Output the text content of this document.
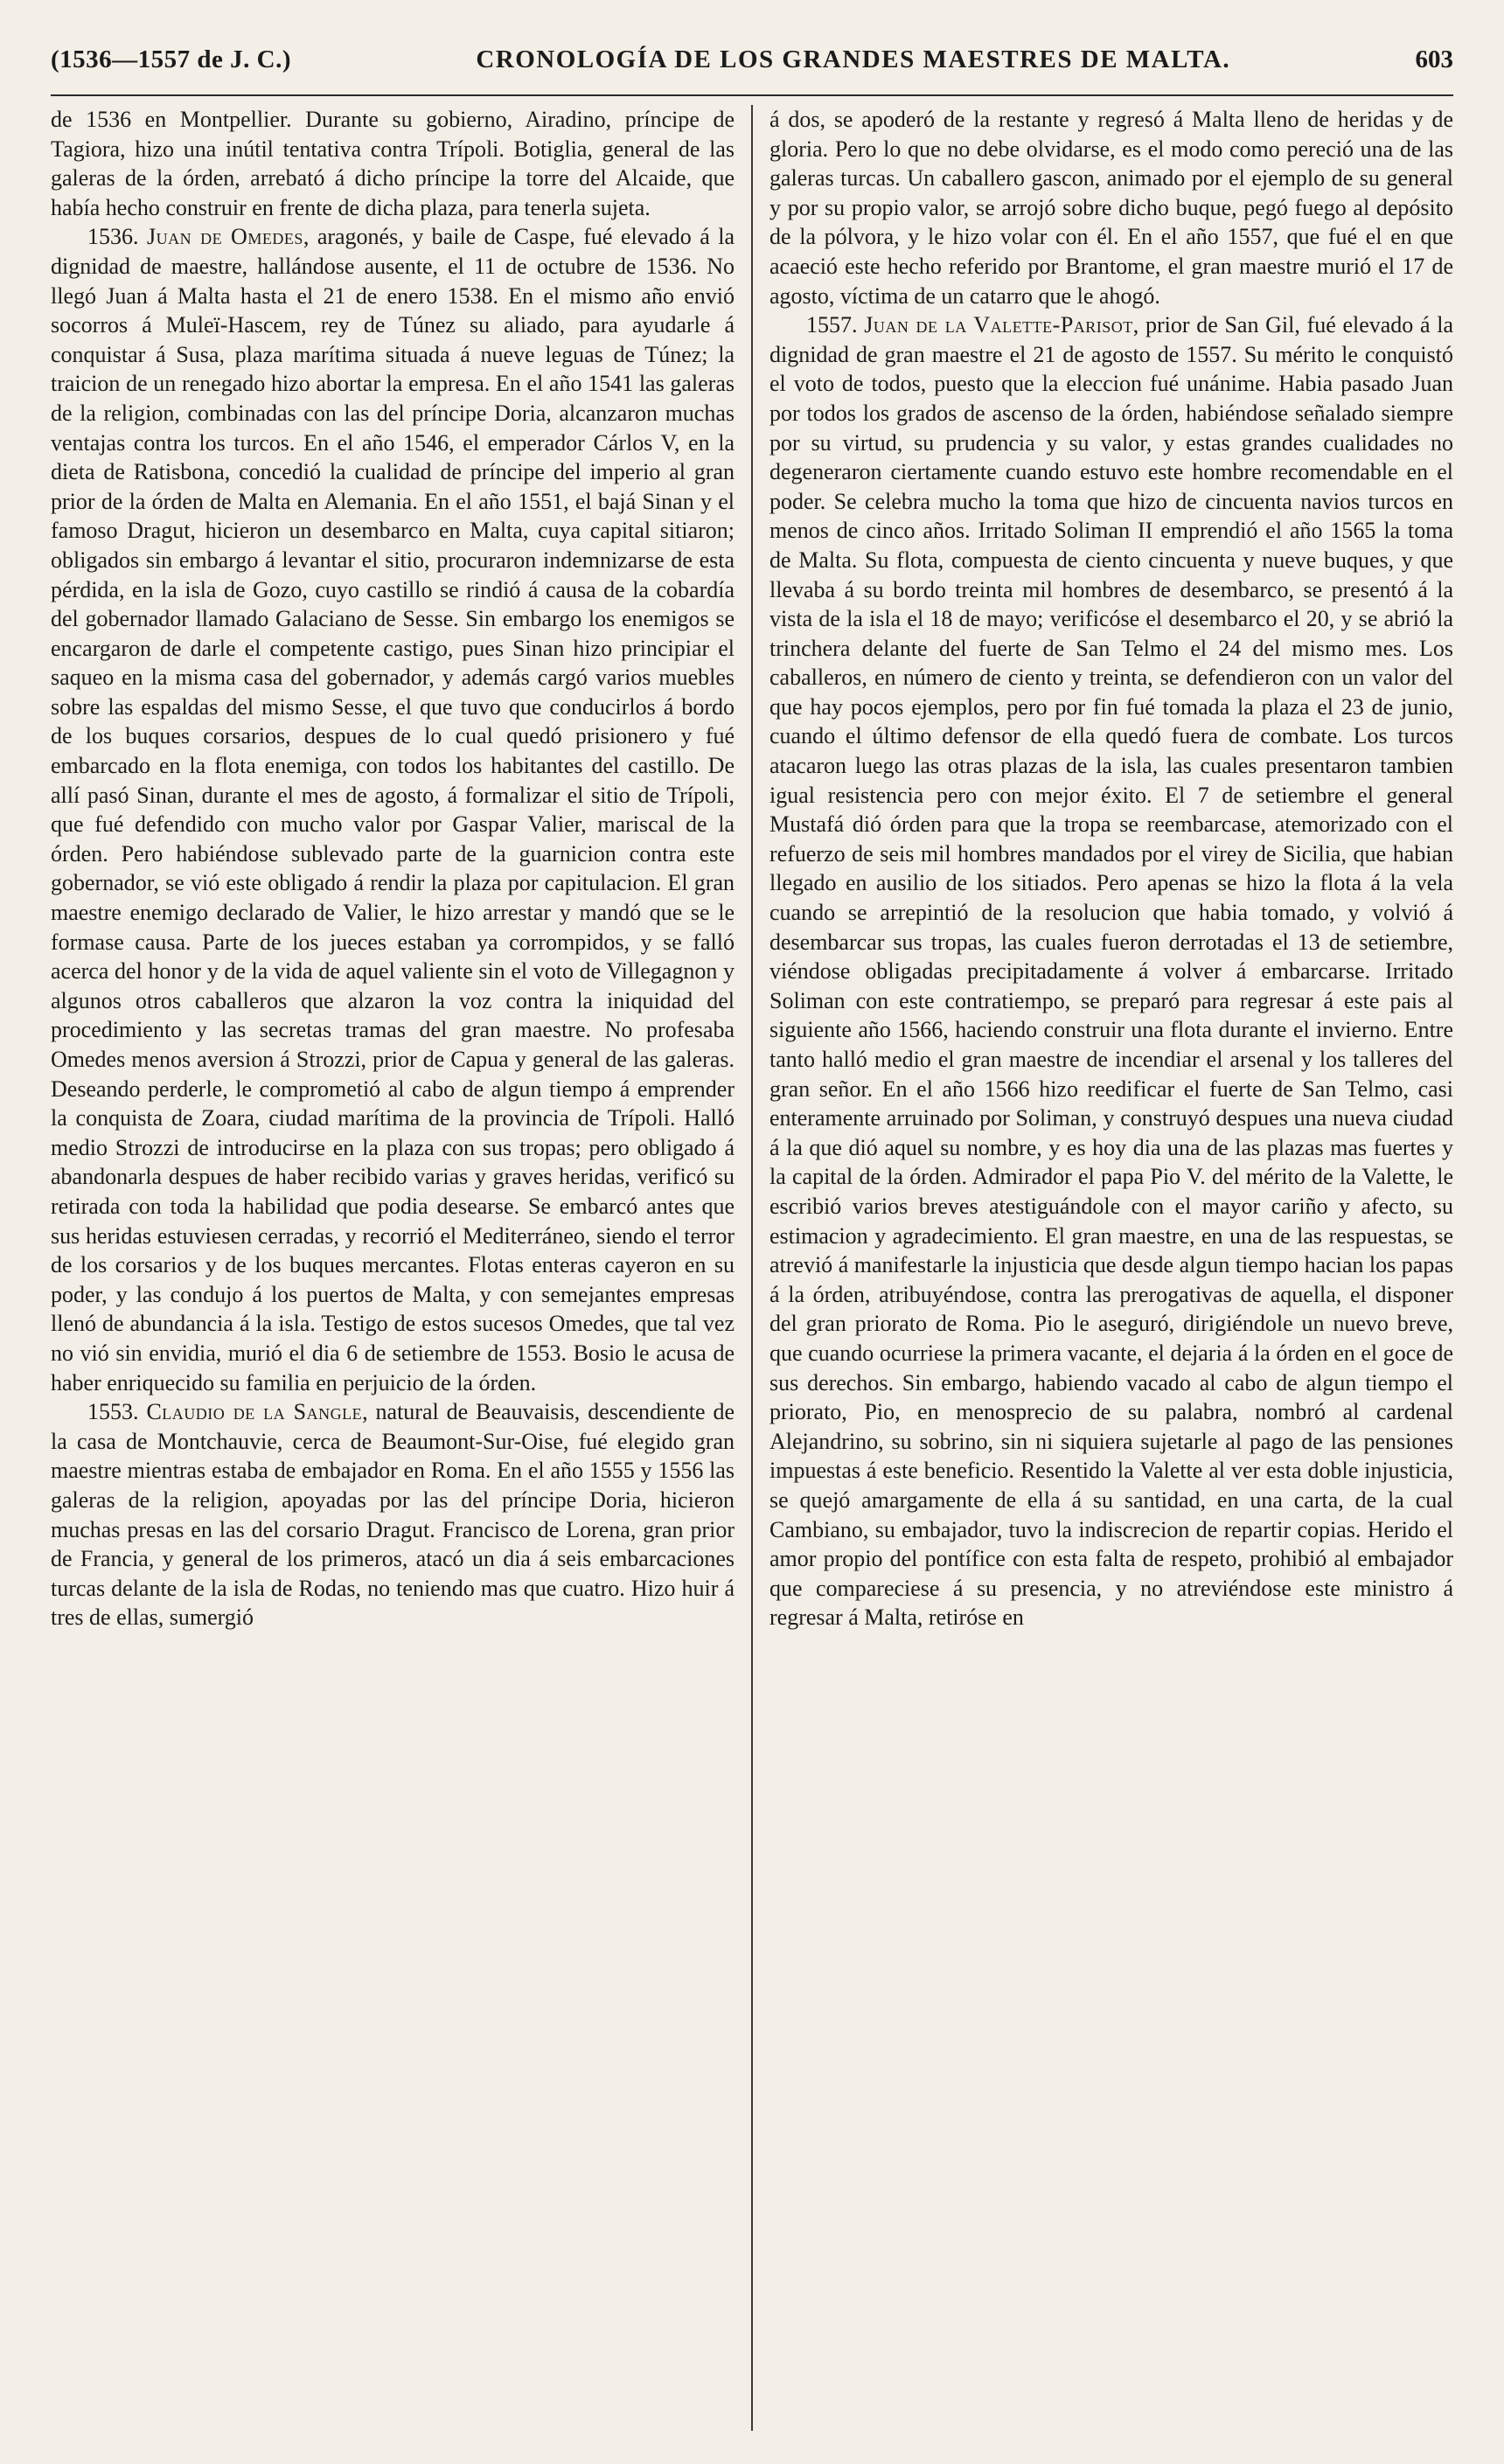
(1536—1557 de J. C.)	CRONOLOGÍA DE LOS GRANDES MAESTRES DE MALTA.	603

de 1536 en Montpellier. Durante su gobierno, Airadino, príncipe de Tagiora, hizo una inútil tentativa contra Trípoli. Botiglia, general de las galeras de la órden, arrebató á dicho príncipe la torre del Alcaide, que había hecho construir en frente de dicha plaza, para tenerla sujeta.

1536. Juan de Omedes, aragonés, y baile de Caspe, fué elevado á la dignidad de maestre, hallándose ausente, el 11 de octubre de 1536. No llegó Juan á Malta hasta el 21 de enero 1538. En el mismo año envió socorros á Muleï-Hascem, rey de Túnez su aliado, para ayudarle á conquistar á Susa, plaza marítima situada á nueve leguas de Túnez; la traicion de un renegado hizo abortar la empresa. En el año 1541 las galeras de la religion, combinadas con las del príncipe Doria, alcanzaron muchas ventajas contra los turcos. En el año 1546, el emperador Cárlos V, en la dieta de Ratisbona, concedió la cualidad de príncipe del imperio al gran prior de la órden de Malta en Alemania. En el año 1551, el bajá Sinan y el famoso Dragut, hicieron un desembarco en Malta, cuya capital sitiaron; obligados sin embargo á levantar el sitio, procuraron indemnizarse de esta pérdida, en la isla de Gozo, cuyo castillo se rindió á causa de la cobardía del gobernador llamado Galaciano de Sesse. Sin embargo los enemigos se encargaron de darle el competente castigo, pues Sinan hizo principiar el saqueo en la misma casa del gobernador, y además cargó varios muebles sobre las espaldas del mismo Sesse, el que tuvo que conducirlos á bordo de los buques corsarios, despues de lo cual quedó prisionero y fué embarcado en la flota enemiga, con todos los habitantes del castillo. De allí pasó Sinan, durante el mes de agosto, á formalizar el sitio de Trípoli, que fué defendido con mucho valor por Gaspar Valier, mariscal de la órden. Pero habiéndose sublevado parte de la guarnicion contra este gobernador, se vió este obligado á rendir la plaza por capitulacion. El gran maestre enemigo declarado de Valier, le hizo arrestar y mandó que se le formase causa. Parte de los jueces estaban ya corrompidos, y se falló acerca del honor y de la vida de aquel valiente sin el voto de Villegagnon y algunos otros caballeros que alzaron la voz contra la iniquidad del procedimiento y las secretas tramas del gran maestre. No profesaba Omedes menos aversion á Strozzi, prior de Capua y general de las galeras. Deseando perderle, le comprometió al cabo de algun tiempo á emprender la conquista de Zoara, ciudad marítima de la provincia de Trípoli. Halló medio Strozzi de introducirse en la plaza con sus tropas; pero obligado á abandonarla despues de haber recibido varias y graves heridas, verificó su retirada con toda la habilidad que podia desearse. Se embarcó antes que sus heridas estuviesen cerradas, y recorrió el Mediterráneo, siendo el terror de los corsarios y de los buques mercantes. Flotas enteras cayeron en su poder, y las condujo á los puertos de Malta, y con semejantes empresas llenó de abundancia á la isla. Testigo de estos sucesos Omedes, que tal vez no vió sin envidia, murió el dia 6 de setiembre de 1553. Bosio le acusa de haber enriquecido su familia en perjuicio de la órden.

1553. Claudio de la Sangle, natural de Beauvaisis, descendiente de la casa de Montchauvie, cerca de Beaumont-Sur-Oise, fué elegido gran maestre mientras estaba de embajador en Roma. En el año 1555 y 1556 las galeras de la religion, apoyadas por las del príncipe Doria, hicieron muchas presas en las del corsario Dragut. Francisco de Lorena, gran prior de Francia, y general de los primeros, atacó un dia á seis embarcaciones turcas delante de la isla de Rodas, no teniendo mas que cuatro. Hizo huir á tres de ellas, sumergió

á dos, se apoderó de la restante y regresó á Malta lleno de heridas y de gloria. Pero lo que no debe olvidarse, es el modo como pereció una de las galeras turcas. Un caballero gascon, animado por el ejemplo de su general y por su propio valor, se arrojó sobre dicho buque, pegó fuego al depósito de la pólvora, y le hizo volar con él. En el año 1557, que fué el en que acaeció este hecho referido por Brantome, el gran maestre murió el 17 de agosto, víctima de un catarro que le ahogó.

1557. Juan de la Valette-Parisot, prior de San Gil, fué elevado á la dignidad de gran maestre el 21 de agosto de 1557. Su mérito le conquistó el voto de todos, puesto que la eleccion fué unánime. Habia pasado Juan por todos los grados de ascenso de la órden, habiéndose señalado siempre por su virtud, su prudencia y su valor, y estas grandes cualidades no degeneraron ciertamente cuando estuvo este hombre recomendable en el poder. Se celebra mucho la toma que hizo de cincuenta navios turcos en menos de cinco años. Irritado Soliman II emprendió el año 1565 la toma de Malta. Su flota, compuesta de ciento cincuenta y nueve buques, y que llevaba á su bordo treinta mil hombres de desembarco, se presentó á la vista de la isla el 18 de mayo; verificóse el desembarco el 20, y se abrió la trinchera delante del fuerte de San Telmo el 24 del mismo mes. Los caballeros, en número de ciento y treinta, se defendieron con un valor del que hay pocos ejemplos, pero por fin fué tomada la plaza el 23 de junio, cuando el último defensor de ella quedó fuera de combate. Los turcos atacaron luego las otras plazas de la isla, las cuales presentaron tambien igual resistencia pero con mejor éxito. El 7 de setiembre el general Mustafá dió órden para que la tropa se reembarcase, atemorizado con el refuerzo de seis mil hombres mandados por el virey de Sicilia, que habian llegado en ausilio de los sitiados. Pero apenas se hizo la flota á la vela cuando se arrepintió de la resolucion que habia tomado, y volvió á desembarcar sus tropas, las cuales fueron derrotadas el 13 de setiembre, viéndose obligadas precipitadamente á volver á embarcarse. Irritado Soliman con este contratiempo, se preparó para regresar á este pais al siguiente año 1566, haciendo construir una flota durante el invierno. Entre tanto halló medio el gran maestre de incendiar el arsenal y los talleres del gran señor. En el año 1566 hizo reedificar el fuerte de San Telmo, casi enteramente arruinado por Soliman, y construyó despues una nueva ciudad á la que dió aquel su nombre, y es hoy dia una de las plazas mas fuertes y la capital de la órden. Admirador el papa Pio V. del mérito de la Valette, le escribió varios breves atestiguándole con el mayor cariño y afecto, su estimacion y agradecimiento. El gran maestre, en una de las respuestas, se atrevió á manifestarle la injusticia que desde algun tiempo hacian los papas á la órden, atribuyéndose, contra las prerogativas de aquella, el disponer del gran priorato de Roma. Pio le aseguró, dirigiéndole un nuevo breve, que cuando ocurriese la primera vacante, el dejaria á la órden en el goce de sus derechos. Sin embargo, habiendo vacado al cabo de algun tiempo el priorato, Pio, en menosprecio de su palabra, nombró al cardenal Alejandrino, su sobrino, sin ni siquiera sujetarle al pago de las pensiones impuestas á este beneficio. Resentido la Valette al ver esta doble injusticia, se quejó amargamente de ella á su santidad, en una carta, de la cual Cambiano, su embajador, tuvo la indiscrecion de repartir copias. Herido el amor propio del pontífice con esta falta de respeto, prohibió al embajador que compareciese á su presencia, y no atreviéndose este ministro á regresar á Malta, retiróse en
